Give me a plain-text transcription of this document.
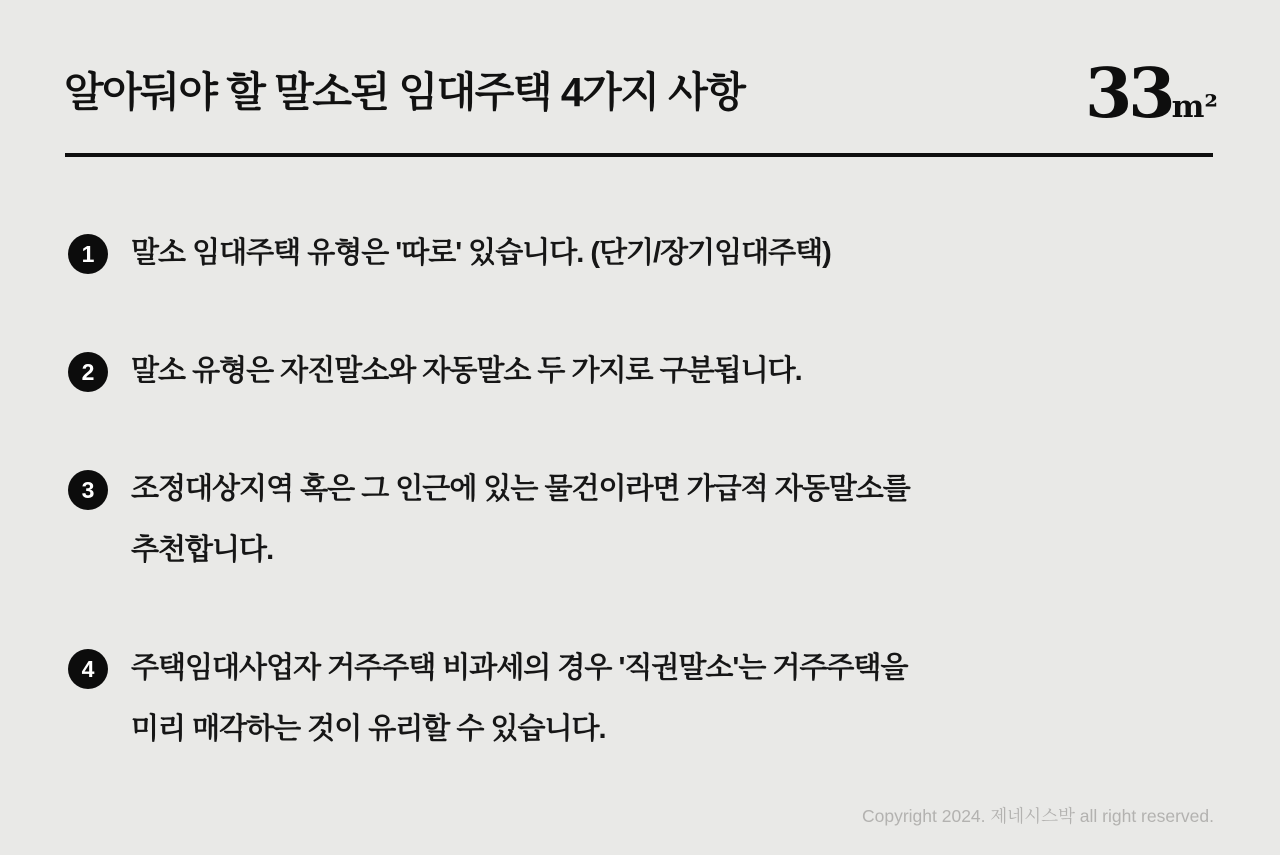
알아둬야 할 말소된 임대주택 4가지 사항	33m²
1	말소 임대주택 유형은 '따로' 있습니다. (단기/장기임대주택)
2	말소 유형은 자진말소와 자동말소 두 가지로 구분됩니다.
3	조정대상지역 혹은 그 인근에 있는 물건이라면 가급적 자동말소를
추천합니다.
4	주택임대사업자 거주주택 비과세의 경우 '직권말소'는 거주주택을
미리 매각하는 것이 유리할 수 있습니다.
Copyright 2024. 제네시스박 all right reserved.
